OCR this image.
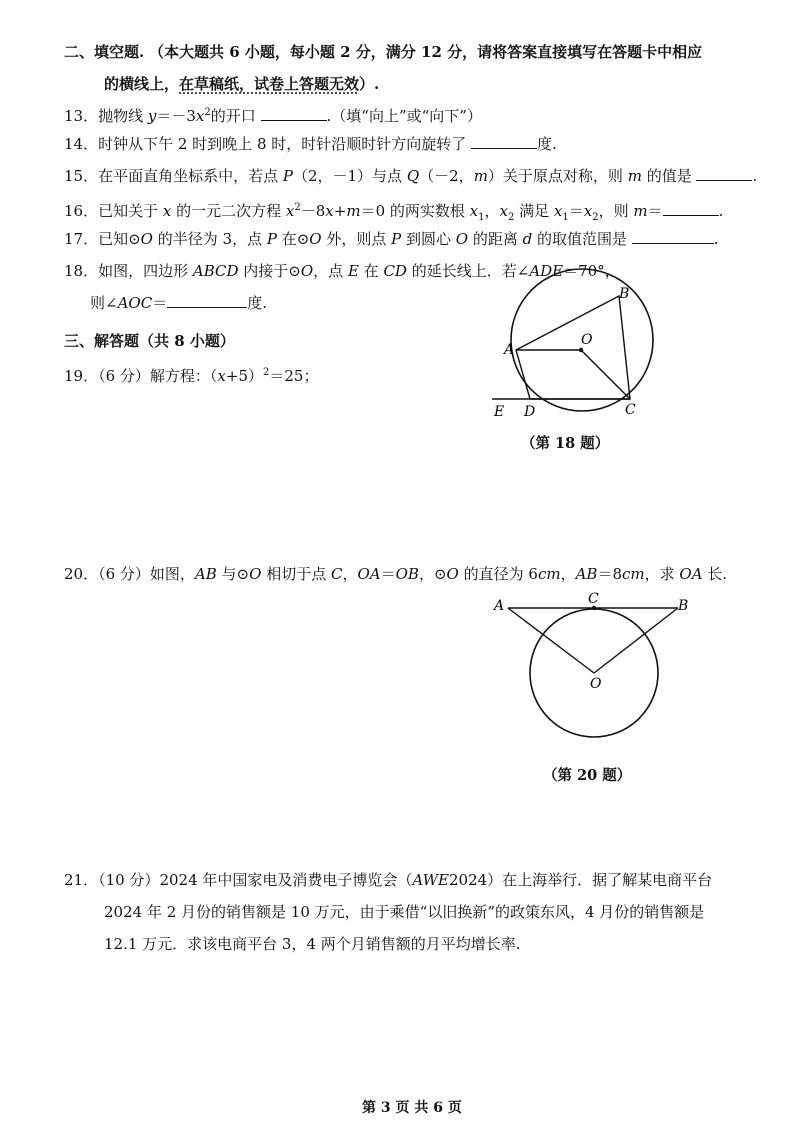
二、填空题. （本大题共 6 小题，每小题 2 分，满分 12 分，请将答案直接填写在答题卡中相应
的横线上，在草稿纸，试卷上答题无效）.
13．抛物线 $y=-3x^2$的开口	.（填“向上”或“向下”）
14．时钟从下午 2 时到晚上 8 时，时针沿顺时针方向旋转了	度.
15．在平面直角坐标系中，若点 P（2，－1）与点 Q（－2，m）关于原点对称，则 m 的值是	.
16．已知关于 x 的一元二次方程 $x^2-8x+m=0$ 的两实数根 $x_1$，$x_2$ 满足 $x_1=x_2$，则 m＝	.
17．已知⊙O 的半径为 3，点 P 在⊙O 外，则点 P 到圆心 O 的距离 d 的取值范围是	.
18．如图，四边形 ABCD 内接于⊙O，点 E 在 CD 的延长线上．若∠ADE＝70°，
则∠AOC＝	度.
A
B
C
D
E
O
（第 18 题）
三、解答题（共 8 小题）
19．（6 分）解方程：$(x+5)^2=25$；
20．（6 分）如图，AB 与⊙O 相切于点 C，OA＝OB，⊙O 的直径为 6cm，AB＝8cm，求 OA 长.
A	B
C
O
（第 20 题）
21．（10 分）2024 年中国家电及消费电子博览会（AWE2024）在上海举行．据了解某电商平台
2024 年 2 月份的销售额是 10 万元，由于乘借“以旧换新”的政策东风，4 月份的销售额是
12.1 万元．求该电商平台 3，4 两个月销售额的月平均增长率.
第 3 页 共 6 页
